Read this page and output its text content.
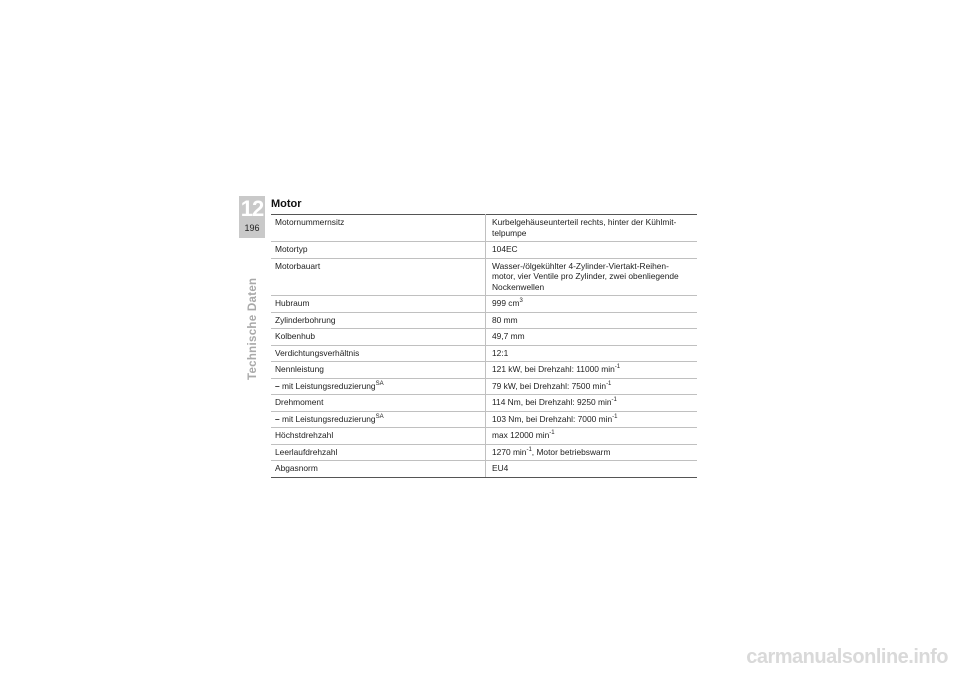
12
196
Technische Daten
Motor
Motornummernsitz	Kurbelgehäuseunterteil rechts, hinter der Kühlmit-
telpumpe
Motortyp	104EC
Motorbauart	Wasser-/ölgekühlter 4-Zylinder-Viertakt-Reihen-
motor, vier Ventile pro Zylinder, zwei obenliegende
Nockenwellen
Hubraum	999 $cm^3$
Zylinderbohrung	80 mm
Kolbenhub	49,7 mm
Verdichtungsverhältnis	12:1
Nennleistung	121 kW, bei Drehzahl: 11000 $\min^{-1}$
– mit Leistungsreduzierung$^{SA}$	79 kW, bei Drehzahl: 7500 $\min^{-1}$
Drehmoment	114 Nm, bei Drehzahl: 9250 $\min^{-1}$
– mit Leistungsreduzierung$^{SA}$	103 Nm, bei Drehzahl: 7000 $\min^{-1}$
Höchstdrehzahl	max 12000 $\min^{-1}$
Leerlaufdrehzahl	1270 $\min^{-1}$, Motor betriebswarm
Abgasnorm	EU4
carmanualsonline.info
